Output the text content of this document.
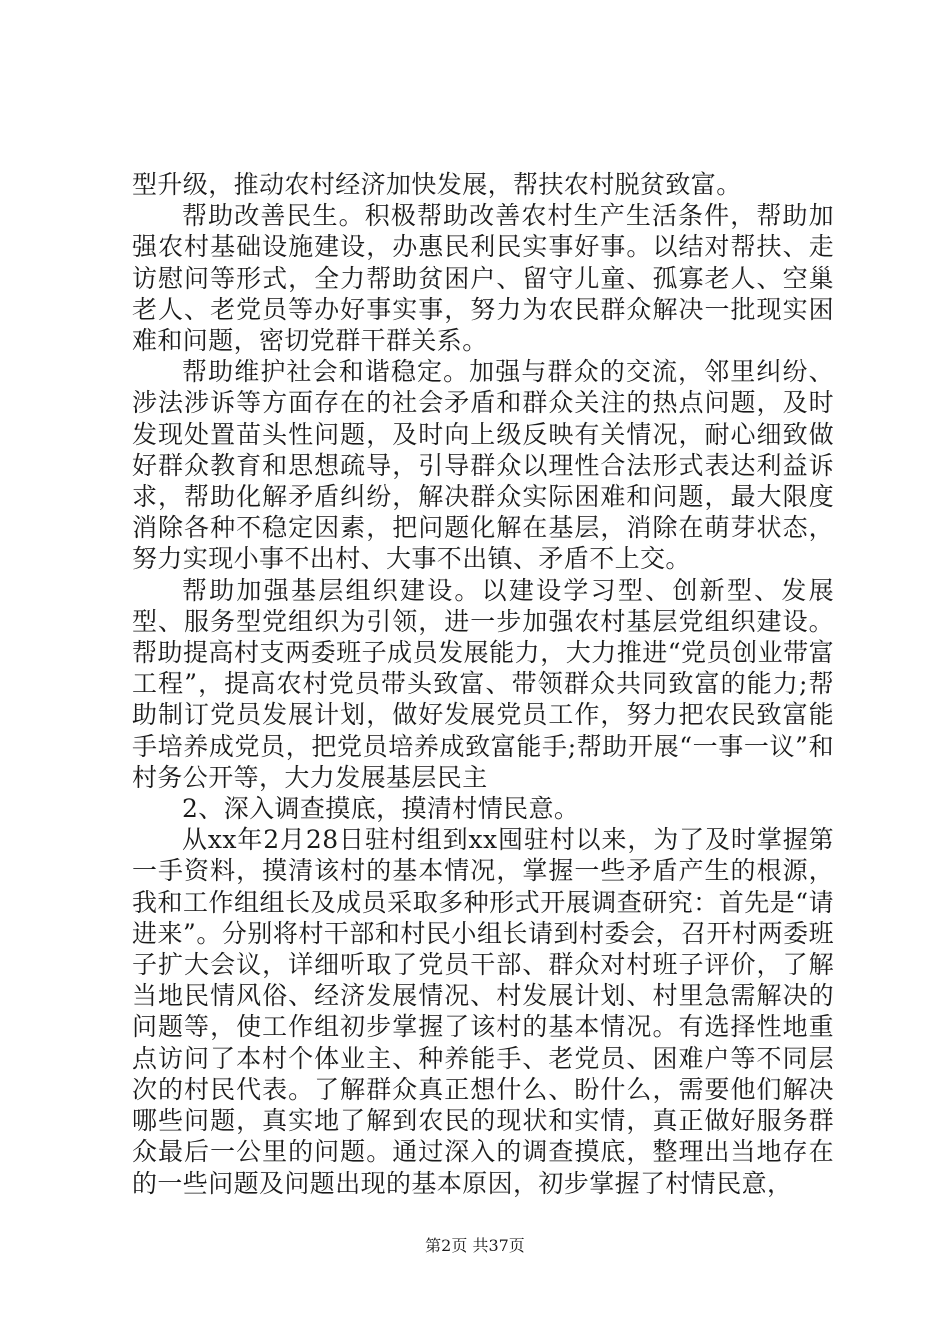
型升级，推动农村经济加快发展，帮扶农村脱贫致富。

帮助改善民生。积极帮助改善农村生产生活条件，帮助加强农村基础设施建设，办惠民利民实事好事。以结对帮扶、走访慰问等形式，全力帮助贫困户、留守儿童、孤寡老人、空巢老人、老党员等办好事实事，努力为农民群众解决一批现实困难和问题，密切党群干群关系。

帮助维护社会和谐稳定。加强与群众的交流，邻里纠纷、涉法涉诉等方面存在的社会矛盾和群众关注的热点问题，及时发现处置苗头性问题，及时向上级反映有关情况，耐心细致做好群众教育和思想疏导，引导群众以理性合法形式表达利益诉求，帮助化解矛盾纠纷，解决群众实际困难和问题，最大限度消除各种不稳定因素，把问题化解在基层，消除在萌芽状态，努力实现小事不出村、大事不出镇、矛盾不上交。

帮助加强基层组织建设。以建设学习型、创新型、发展型、服务型党组织为引领，进一步加强农村基层党组织建设。帮助提高村支两委班子成员发展能力，大力推进“党员创业带富工程”，提高农村党员带头致富、带领群众共同致富的能力;帮助制订党员发展计划，做好发展党员工作，努力把农民致富能手培养成党员，把党员培养成致富能手;帮助开展“一事一议”和村务公开等，大力发展基层民主

2、深入调查摸底，摸清村情民意。

从xx年2月28日驻村组到xx囤驻村以来，为了及时掌握第一手资料，摸清该村的基本情况，掌握一些矛盾产生的根源，我和工作组组长及成员采取多种形式开展调查研究：首先是“请进来”。分别将村干部和村民小组长请到村委会，召开村两委班子扩大会议，详细听取了党员干部、群众对村班子评价，了解当地民情风俗、经济发展情况、村发展计划、村里急需解决的问题等，使工作组初步掌握了该村的基本情况。有选择性地重点访问了本村个体业主、种养能手、老党员、困难户等不同层次的村民代表。了解群众真正想什么、盼什么，需要他们解决哪些问题，真实地了解到农民的现状和实情，真正做好服务群众最后一公里的问题。通过深入的调查摸底，整理出当地存在的一些问题及问题出现的基本原因，初步掌握了村情民意，

第2页 共37页
